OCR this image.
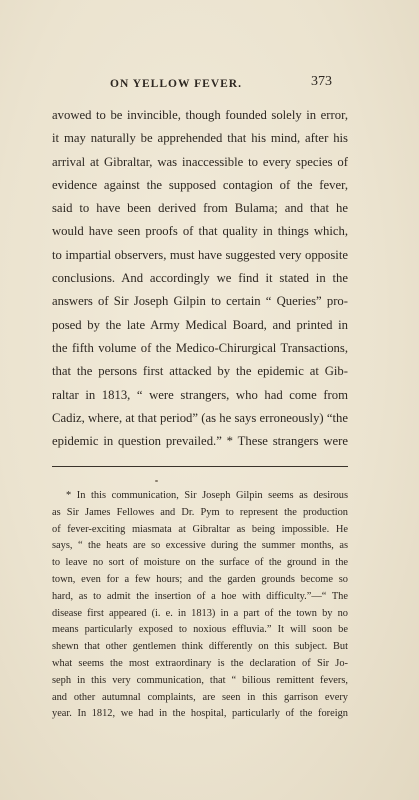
ON YELLOW FEVER.	373
avowed to be invincible, though founded solely in error,
it may naturally be apprehended that his mind, after his
arrival at Gibraltar, was inaccessible to every species of
evidence against the supposed contagion of the fever,
said to have been derived from Bulama; and that he
would have seen proofs of that quality in things which,
to impartial observers, must have suggested very opposite
conclusions. And accordingly we find it stated in the
answers of Sir Joseph Gilpin to certain “ Queries” pro-
posed by the late Army Medical Board, and printed in
the fifth volume of the Medico-Chirurgical Transactions,
that the persons first attacked by the epidemic at Gib-
raltar in 1813, “ were strangers, who had come from
Cadiz, where, at that period” (as he says erroneously) “the
epidemic in question prevailed.” * These strangers were
* In this communication, Sir Joseph Gilpin seems as desirous
as Sir James Fellowes and Dr. Pym to represent the production
of fever-exciting miasmata at Gibraltar as being impossible. He
says, “ the heats are so excessive during the summer months, as
to leave no sort of moisture on the surface of the ground in the
town, even for a few hours; and the garden grounds become so
hard, as to admit the insertion of a hoe with difficulty.”—“ The
disease first appeared (i. e. in 1813) in a part of the town by no
means particularly exposed to noxious effluvia.” It will soon be
shewn that other gentlemen think differently on this subject. But
what seems the most extraordinary is the declaration of Sir Jo-
seph in this very communication, that “ bilious remittent fevers,
and other autumnal complaints, are seen in this garrison every
year. In 1812, we had in the hospital, particularly of the foreign
